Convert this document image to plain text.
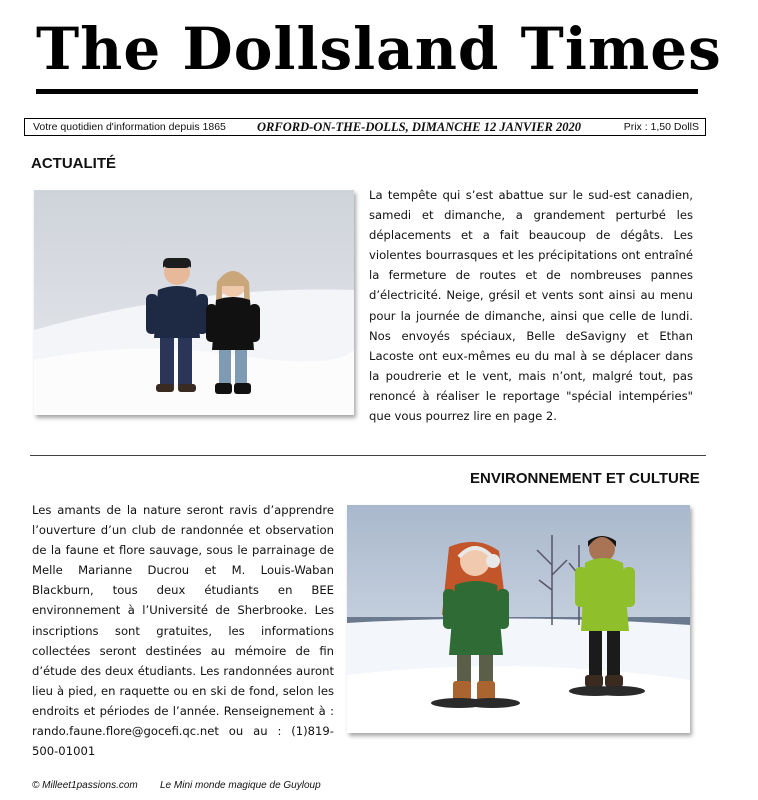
The Dollsland Times
Votre quotidien d'information depuis 1865 ORFORD-ON-THE-DOLLS, DIMANCHE 12 JANVIER 2020	Prix : 1,50 DollS
ACTUALITÉ
La tempête qui s’est abattue sur le sud-est canadien, samedi et dimanche, a grandement perturbé les déplacements et a fait beaucoup de dégâts. Les violentes bourrasques et les précipitations ont entraîné la fermeture de routes et de nombreuses pannes d’électricité. Neige, grésil et vents sont ainsi au menu pour la journée de dimanche, ainsi que celle de lundi. Nos envoyés spéciaux, Belle deSavigny et Ethan Lacoste ont eux-mêmes eu du mal à se déplacer dans la poudrerie et le vent, mais n’ont, malgré tout, pas renoncé à réaliser le reportage "spécial intempéries" que vous pourrez lire en page 2.
ENVIRONNEMENT ET CULTURE
Les amants de la nature seront ravis d’apprendre l’ouverture d’un club de randonnée et observation de la faune et flore sauvage, sous le parrainage de Melle Marianne Ducrou et M. Louis-Waban Blackburn, tous deux étudiants en BEE environnement à l’Université de Sherbrooke. Les inscriptions sont gratuites, les informations collectées seront destinées au mémoire de fin d’étude des deux étudiants. Les randonnées auront lieu à pied, en raquette ou en ski de fond, selon les endroits et périodes de l’année. Renseignement à : rando.faune.flore@gocefi.qc.net ou au : (1)819-500-01001
© Milleet1passions.com Le Mini monde magique de Guyloup
